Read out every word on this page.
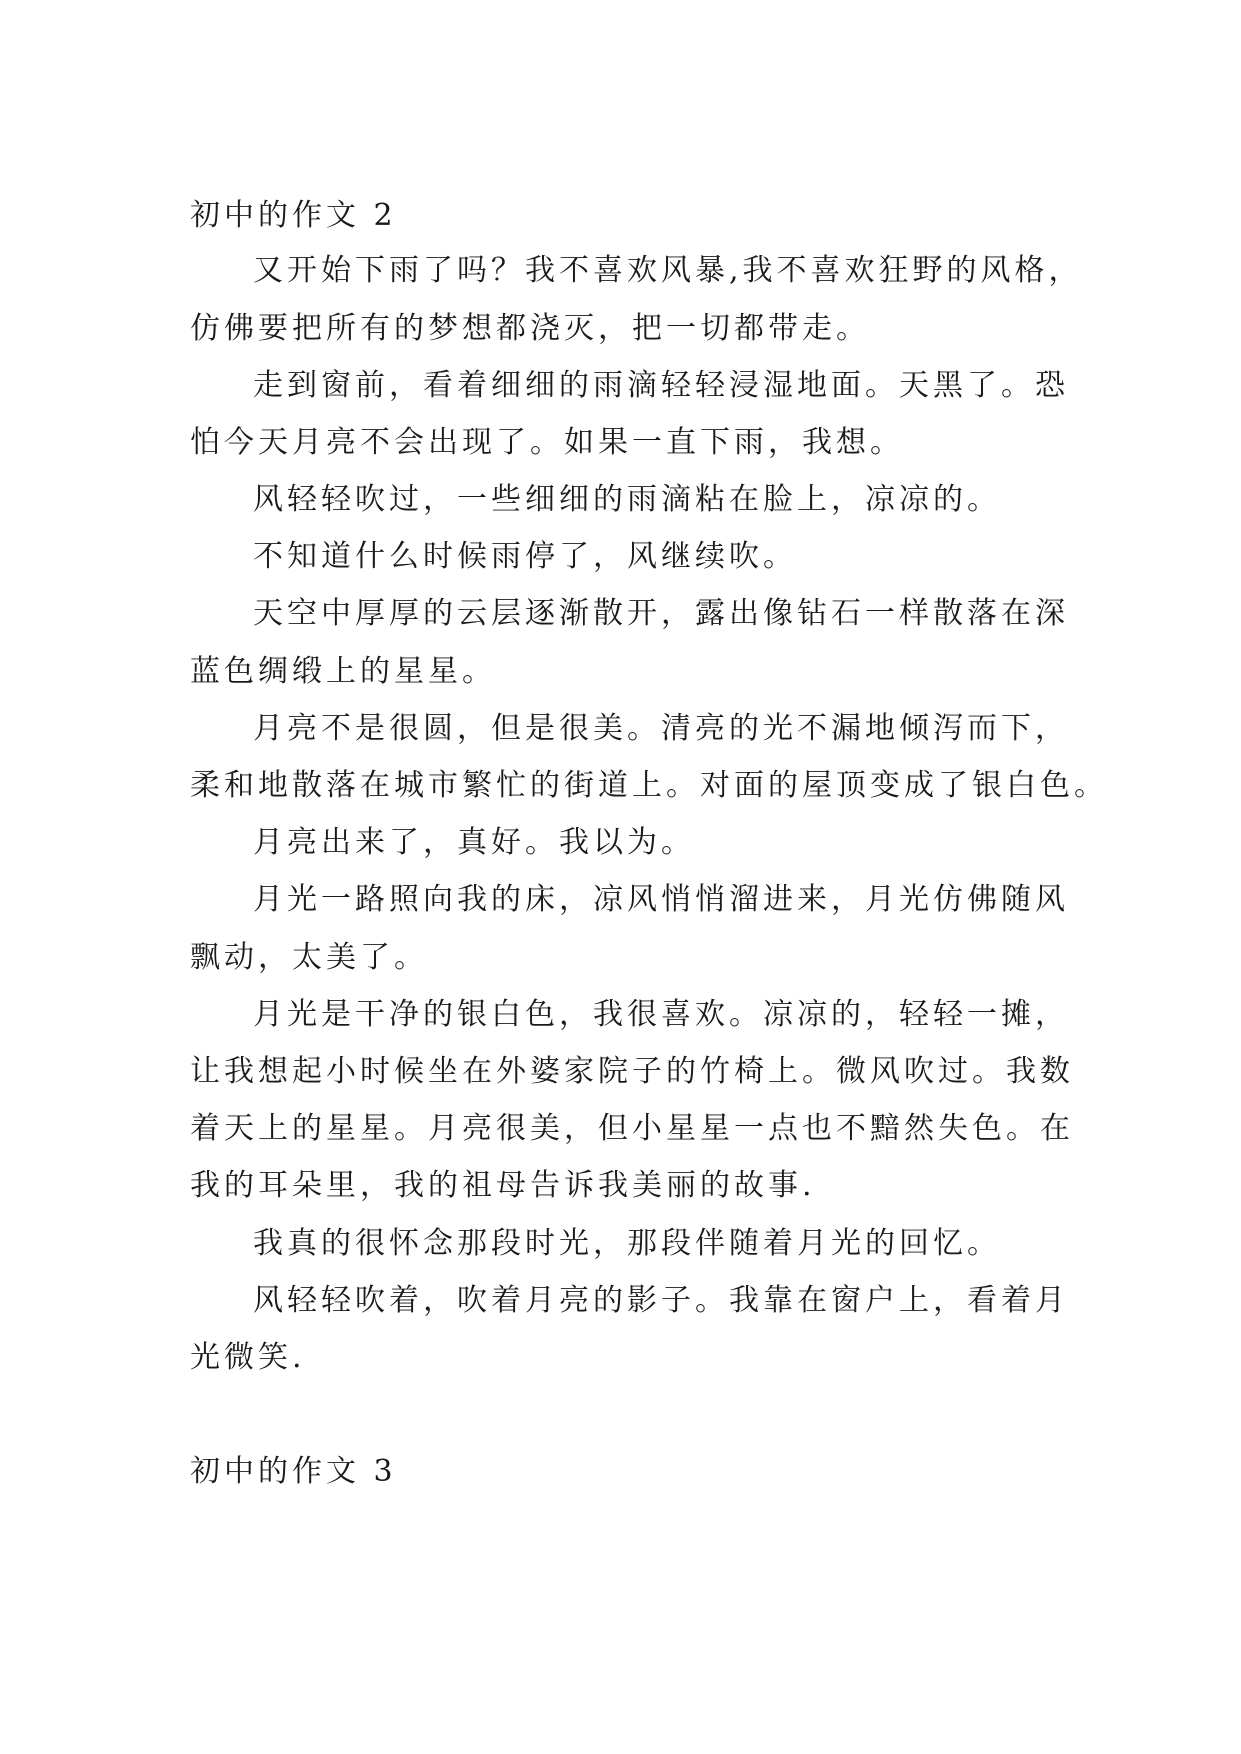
初中的作文 2
又开始下雨了吗？我不喜欢风暴,我不喜欢狂野的风格，
仿佛要把所有的梦想都浇灭，把一切都带走。
走到窗前，看着细细的雨滴轻轻浸湿地面。天黑了。恐
怕今天月亮不会出现了。如果一直下雨，我想。
风轻轻吹过，一些细细的雨滴粘在脸上，凉凉的。
不知道什么时候雨停了，风继续吹。
天空中厚厚的云层逐渐散开，露出像钻石一样散落在深
蓝色绸缎上的星星。
月亮不是很圆，但是很美。清亮的光不漏地倾泻而下，
柔和地散落在城市繁忙的街道上。对面的屋顶变成了银白色。
月亮出来了，真好。我以为。
月光一路照向我的床，凉风悄悄溜进来，月光仿佛随风
飘动，太美了。
月光是干净的银白色，我很喜欢。凉凉的，轻轻一摊，
让我想起小时候坐在外婆家院子的竹椅上。微风吹过。我数
着天上的星星。月亮很美，但小星星一点也不黯然失色。在
我的耳朵里，我的祖母告诉我美丽的故事.
我真的很怀念那段时光，那段伴随着月光的回忆。
风轻轻吹着，吹着月亮的影子。我靠在窗户上，看着月
光微笑.
初中的作文 3
